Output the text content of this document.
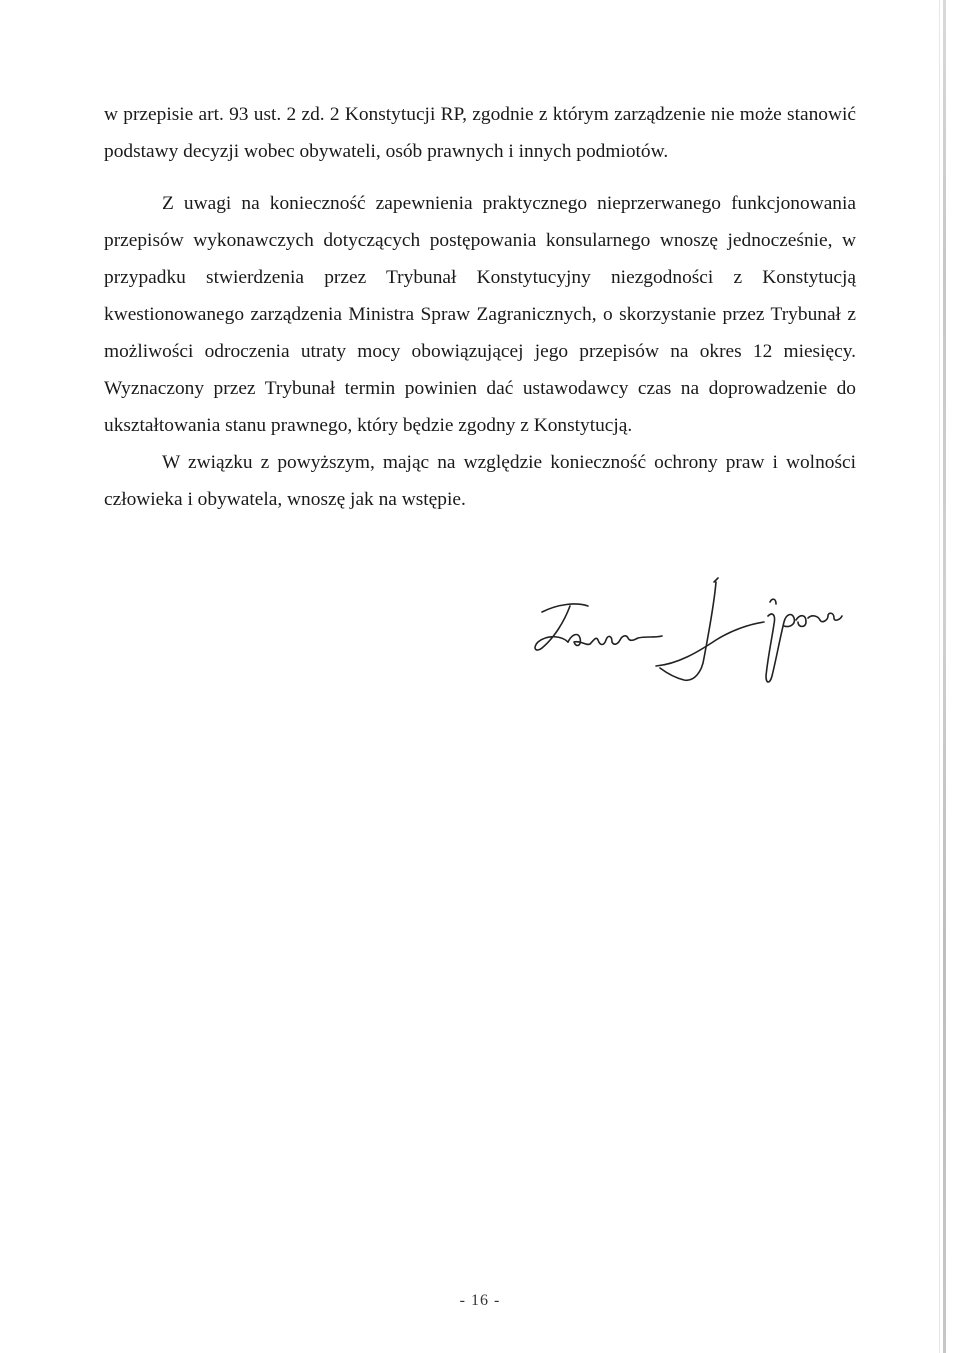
w przepisie art. 93 ust. 2 zd. 2 Konstytucji RP, zgodnie z którym zarządzenie nie może stanowić podstawy decyzji wobec obywateli, osób prawnych i innych podmiotów.

Z uwagi na konieczność zapewnienia praktycznego nieprzerwanego funkcjonowania przepisów wykonawczych dotyczących postępowania konsularnego wnoszę jednocześnie, w przypadku stwierdzenia przez Trybunał Konstytucyjny niezgodności z Konstytucją kwestionowanego zarządzenia Ministra Spraw Zagranicznych, o skorzystanie przez Trybunał z możliwości odroczenia utraty mocy obowiązującej jego przepisów na okres 12 miesięcy. Wyznaczony przez Trybunał termin powinien dać ustawodawcy czas na doprowadzenie do ukształtowania stanu prawnego, który będzie zgodny z Konstytucją.

W związku z powyższym, mając na względzie konieczność ochrony praw i wolności człowieka i obywatela, wnoszę jak na wstępie.

- 16 -
